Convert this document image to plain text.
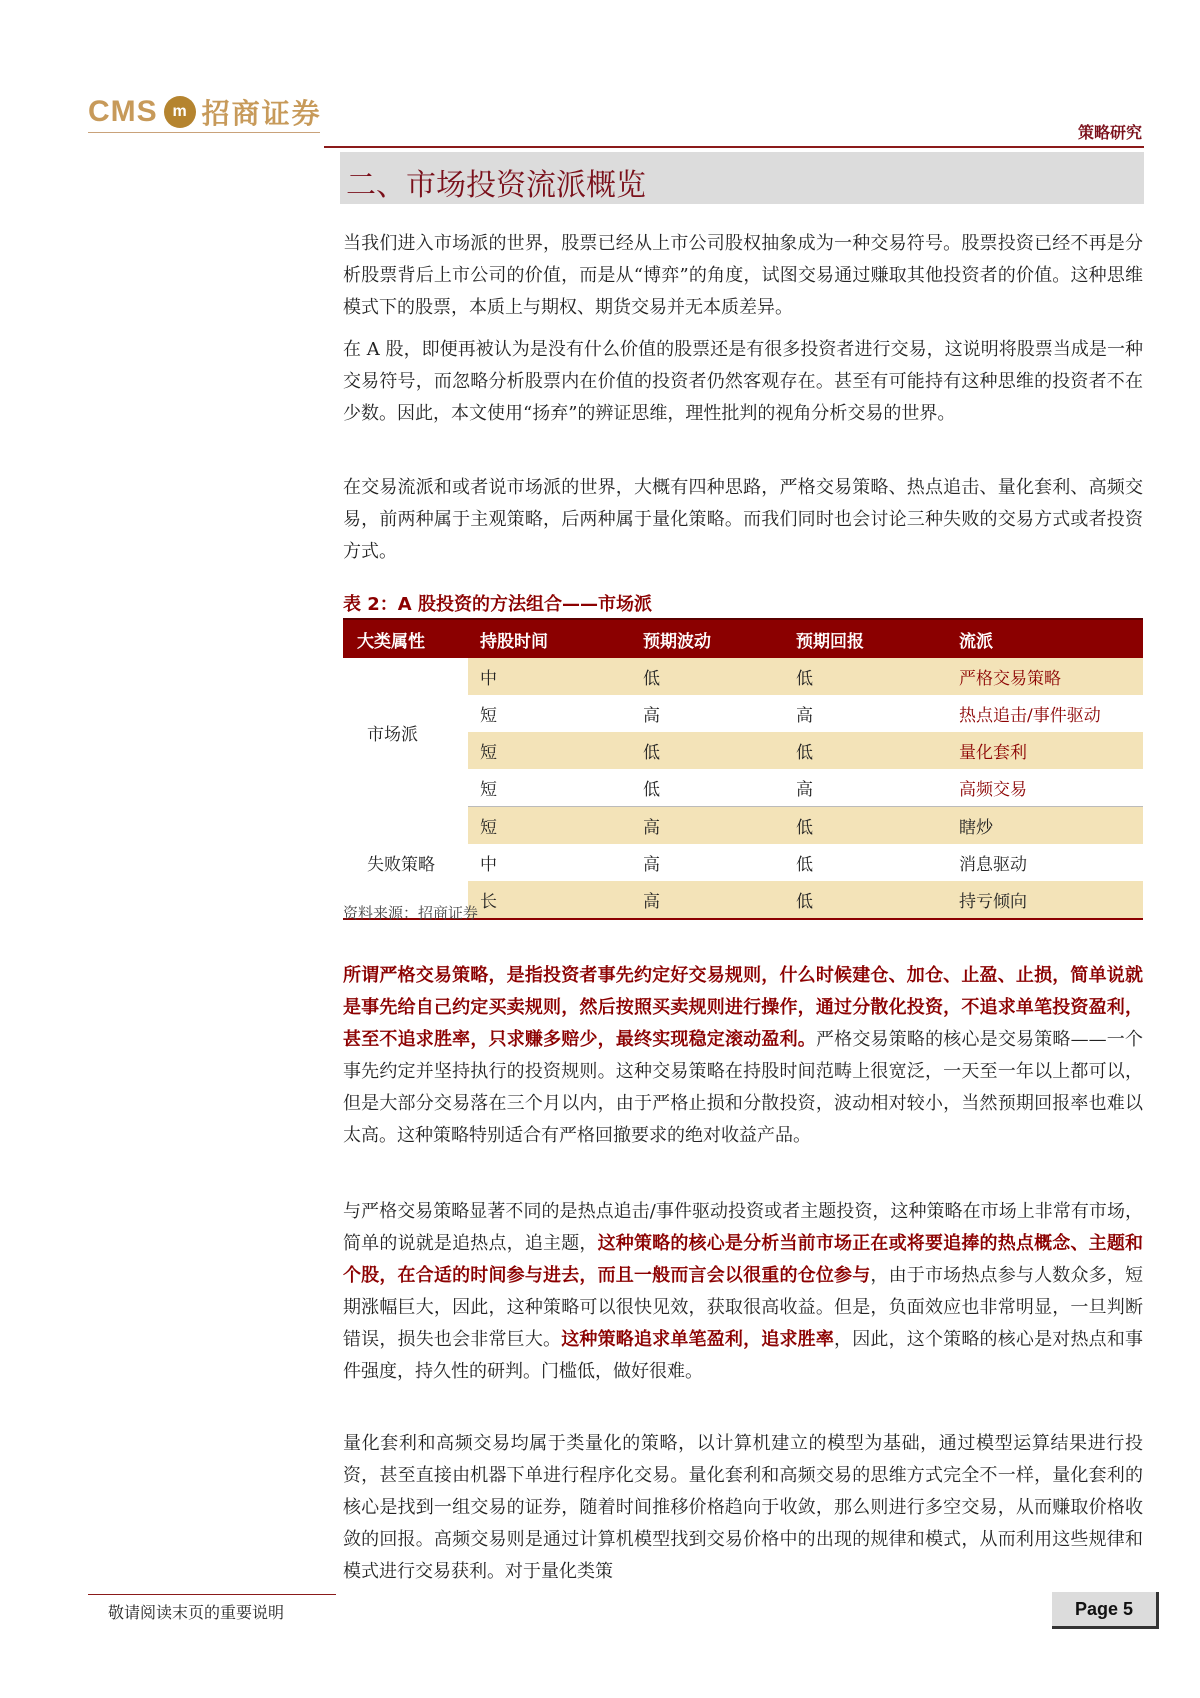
CMS m 招商证券
策略研究
二、市场投资流派概览

当我们进入市场派的世界，股票已经从上市公司股权抽象成为一种交易符号。股票投资已经不再是分析股票背后上市公司的价值，而是从“博弈”的角度，试图交易通过赚取其他投资者的价值。这种思维模式下的股票，本质上与期权、期货交易并无本质差异。

在 A 股，即便再被认为是没有什么价值的股票还是有很多投资者进行交易，这说明将股票当成是一种交易符号，而忽略分析股票内在价值的投资者仍然客观存在。甚至有可能持有这种思维的投资者不在少数。因此，本文使用“扬弃”的辨证思维，理性批判的视角分析交易的世界。

在交易流派和或者说市场派的世界，大概有四种思路，严格交易策略、热点追击、量化套利、高频交易，前两种属于主观策略，后两种属于量化策略。而我们同时也会讨论三种失败的交易方式或者投资方式。

表 2：A 股投资的方法组合——市场派
大类属性	持股时间	预期波动	预期回报	流派
市场派	中	低	低	严格交易策略
	短	高	高	热点追击/事件驱动
	短	低	低	量化套利
	短	低	高	高频交易
失败策略	短	高	低	瞎炒
	中	高	低	消息驱动
	长	高	低	持亏倾向
资料来源：招商证券

所谓严格交易策略，是指投资者事先约定好交易规则，什么时候建仓、加仓、止盈、止损，简单说就是事先给自己约定买卖规则，然后按照买卖规则进行操作，通过分散化投资，不追求单笔投资盈利，甚至不追求胜率，只求赚多赔少，最终实现稳定滚动盈利。严格交易策略的核心是交易策略——一个事先约定并坚持执行的投资规则。这种交易策略在持股时间范畴上很宽泛，一天至一年以上都可以，但是大部分交易落在三个月以内，由于严格止损和分散投资，波动相对较小，当然预期回报率也难以太高。这种策略特别适合有严格回撤要求的绝对收益产品。

与严格交易策略显著不同的是热点追击/事件驱动投资或者主题投资，这种策略在市场上非常有市场，简单的说就是追热点，追主题，这种策略的核心是分析当前市场正在或将要追捧的热点概念、主题和个股，在合适的时间参与进去，而且一般而言会以很重的仓位参与，由于市场热点参与人数众多，短期涨幅巨大，因此，这种策略可以很快见效，获取很高收益。但是，负面效应也非常明显，一旦判断错误，损失也会非常巨大。这种策略追求单笔盈利，追求胜率，因此，这个策略的核心是对热点和事件强度，持久性的研判。门槛低，做好很难。

量化套利和高频交易均属于类量化的策略，以计算机建立的模型为基础，通过模型运算结果进行投资，甚至直接由机器下单进行程序化交易。量化套利和高频交易的思维方式完全不一样，量化套利的核心是找到一组交易的证券，随着时间推移价格趋向于收敛，那么则进行多空交易，从而赚取价格收敛的回报。高频交易则是通过计算机模型找到交易价格中的出现的规律和模式，从而利用这些规律和模式进行交易获利。对于量化类策

敬请阅读末页的重要说明	Page 5
